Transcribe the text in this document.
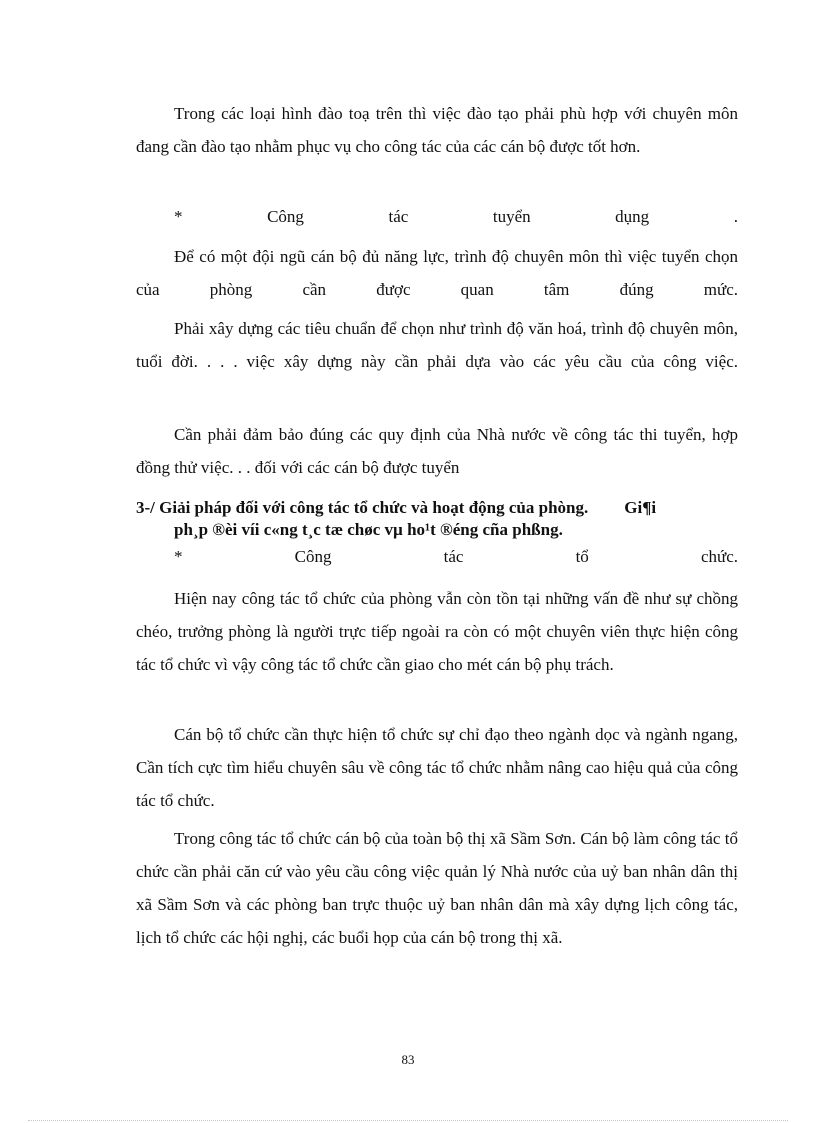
Trong các loại hình đào toạ trên thì việc đào tạo phải phù hợp với chuyên môn đang cần đào tạo nhằm phục vụ cho công tác của các cán bộ được tốt hơn.

* Công tác tuyển dụng .

Để có một đội ngũ cán bộ đủ năng lực, trình độ chuyên môn thì việc tuyển chọn của phòng cần được quan tâm đúng mức.

Phải xây dựng các tiêu chuẩn để chọn như trình độ văn hoá, trình độ chuyên môn, tuổi đời. . . . việc xây dựng này cần phải dựa vào các yêu cầu của công việc.

Cần phải đảm bảo đúng các quy định của Nhà nước về công tác thi tuyển, hợp đồng thử việc. . . đối với các cán bộ được tuyển

3-/ Giải pháp đối với công tác tổ chức và hoạt động của phòng. Gi¶i
ph¸p ®èi víi c«ng t¸c tæ chøc vµ ho¹t ®éng cña phßng.

* Công tác tổ chức.

Hiện nay công tác tổ chức của phòng vẫn còn tồn tại những vấn đề như sự chồng chéo, trưởng phòng là người trực tiếp ngoài ra còn có một chuyên viên thực hiện công tác tổ chức vì vậy công tác tổ chức cần giao cho mét cán bộ phụ trách.

Cán bộ tổ chức cần thực hiện tổ chức sự chỉ đạo theo ngành dọc và ngành ngang, Cần tích cực tìm hiểu chuyên sâu về công tác tổ chức nhằm nâng cao hiệu quả của công tác tổ chức.

Trong công tác tổ chức cán bộ của toàn bộ thị xã Sầm Sơn. Cán bộ làm công tác tổ chức cần phải căn cứ vào yêu cầu công việc quản lý Nhà nước của uỷ ban nhân dân thị xã Sầm Sơn và các phòng ban trực thuộc uỷ ban nhân dân mà xây dựng lịch công tác, lịch tổ chức các hội nghị, các buổi họp của cán bộ trong thị xã.

83
